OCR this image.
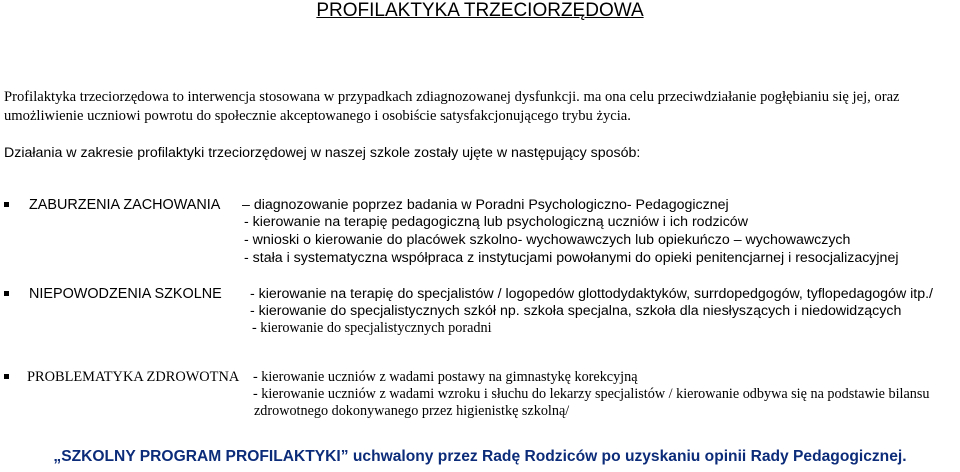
PROFILAKTYKA TRZECIORZĘDOWA
Profilaktyka trzeciorzędowa to interwencja stosowana w przypadkach zdiagnozowanej dysfunkcji. ma ona celu przeciwdziałanie pogłębianiu się jej, oraz
umożliwienie uczniowi powrotu do społecznie akceptowanego i osobiście satysfakcjonującego trybu życia.
Działania w zakresie profilaktyki trzeciorzędowej w naszej szkole zostały ujęte w następujący sposób:
ZABURZENIA ZACHOWANIA – diagnozowanie poprzez badania w Poradni Psychologiczno- Pedagogicznej
- kierowanie na terapię pedagogiczną lub psychologiczną uczniów i ich rodziców
- wnioski o kierowanie do placówek szkolno- wychowawczych lub opiekuńczo – wychowawczych
- stała i systematyczna współpraca z instytucjami powołanymi do opieki penitencjarnej i resocjalizacyjnej
NIEPOWODZENIA SZKOLNE - kierowanie na terapię do specjalistów / logopedów glottodydaktyków, surrdopedgogów, tyflopedagogów itp./
- kierowanie do specjalistycznych szkół np. szkoła specjalna, szkoła dla niesłyszących i niedowidzących
- kierowanie do specjalistycznych poradni
PROBLEMATYKA ZDROWOTNA - kierowanie uczniów z wadami postawy na gimnastykę korekcyjną
- kierowanie uczniów z wadami wzroku i słuchu do lekarzy specjalistów / kierowanie odbywa się na podstawie bilansu
zdrowotnego dokonywanego przez higienistkę szkolną/
„SZKOLNY PROGRAM PROFILAKTYKI” uchwalony przez Radę Rodziców po uzyskaniu opinii Rady Pedagogicznej.
